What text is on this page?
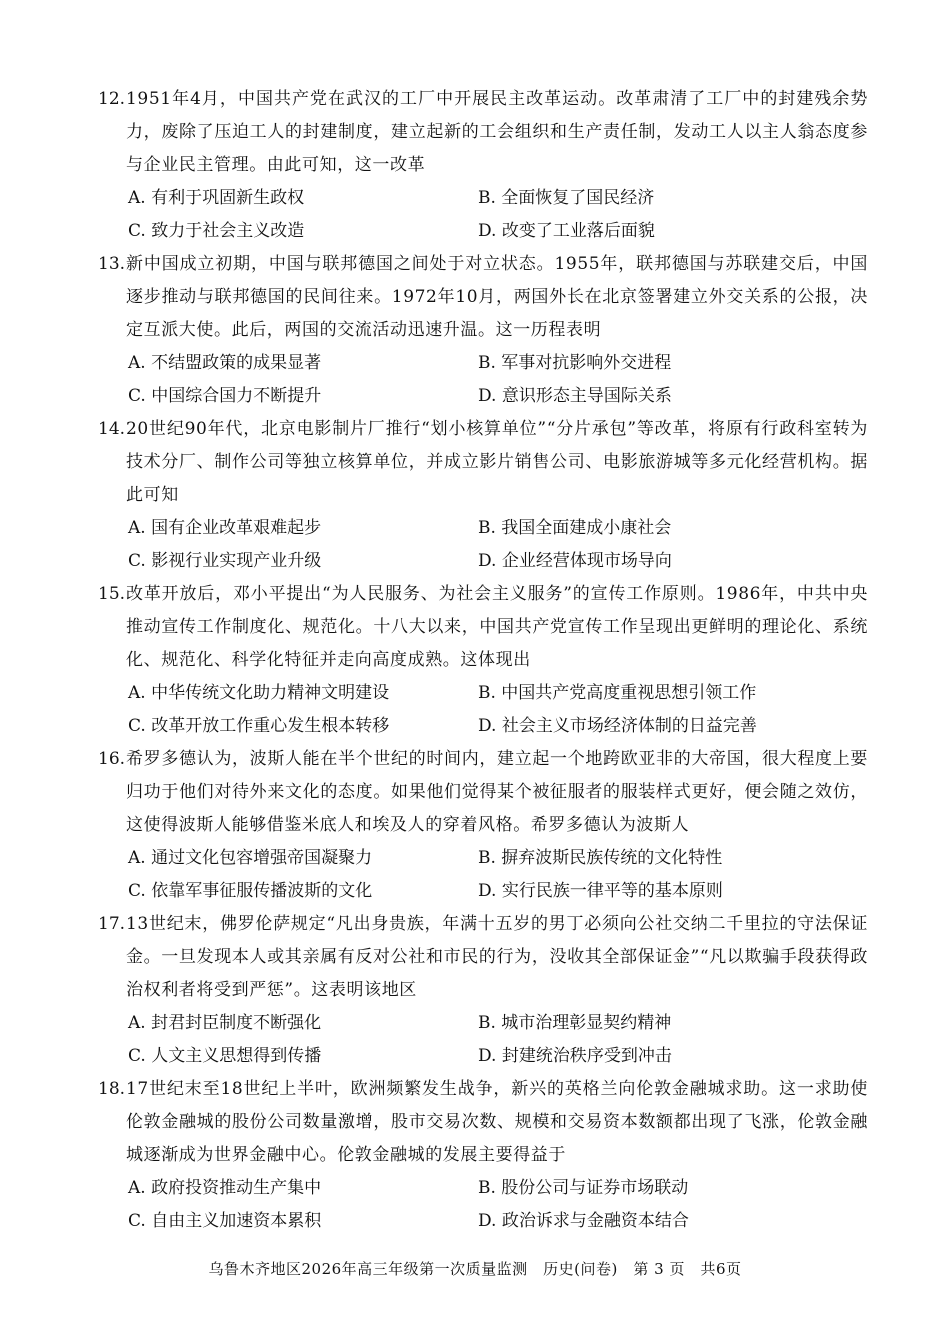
12. 1951年4月，中国共产党在武汉的工厂中开展民主改革运动。改革肃清了工厂中的封建残余势力，废除了压迫工人的封建制度，建立起新的工会组织和生产责任制，发动工人以主人翁态度参与企业民主管理。由此可知，这一改革
A. 有利于巩固新生政权	B. 全面恢复了国民经济
C. 致力于社会主义改造	D. 改变了工业落后面貌
13. 新中国成立初期，中国与联邦德国之间处于对立状态。1955年，联邦德国与苏联建交后，中国逐步推动与联邦德国的民间往来。1972年10月，两国外长在北京签署建立外交关系的公报，决定互派大使。此后，两国的交流活动迅速升温。这一历程表明
A. 不结盟政策的成果显著	B. 军事对抗影响外交进程
C. 中国综合国力不断提升	D. 意识形态主导国际关系
14. 20世纪90年代，北京电影制片厂推行“划小核算单位”“分片承包”等改革，将原有行政科室转为技术分厂、制作公司等独立核算单位，并成立影片销售公司、电影旅游城等多元化经营机构。据此可知
A. 国有企业改革艰难起步	B. 我国全面建成小康社会
C. 影视行业实现产业升级	D. 企业经营体现市场导向
15. 改革开放后，邓小平提出“为人民服务、为社会主义服务”的宣传工作原则。1986年，中共中央推动宣传工作制度化、规范化。十八大以来，中国共产党宣传工作呈现出更鲜明的理论化、系统化、规范化、科学化特征并走向高度成熟。这体现出
A. 中华传统文化助力精神文明建设	B. 中国共产党高度重视思想引领工作
C. 改革开放工作重心发生根本转移	D. 社会主义市场经济体制的日益完善
16. 希罗多德认为，波斯人能在半个世纪的时间内，建立起一个地跨欧亚非的大帝国，很大程度上要归功于他们对待外来文化的态度。如果他们觉得某个被征服者的服装样式更好，便会随之效仿，这使得波斯人能够借鉴米底人和埃及人的穿着风格。希罗多德认为波斯人
A. 通过文化包容增强帝国凝聚力	B. 摒弃波斯民族传统的文化特性
C. 依靠军事征服传播波斯的文化	D. 实行民族一律平等的基本原则
17. 13世纪末，佛罗伦萨规定“凡出身贵族，年满十五岁的男丁必须向公社交纳二千里拉的守法保证金。一旦发现本人或其亲属有反对公社和市民的行为，没收其全部保证金”“凡以欺骗手段获得政治权利者将受到严惩”。这表明该地区
A. 封君封臣制度不断强化	B. 城市治理彰显契约精神
C. 人文主义思想得到传播	D. 封建统治秩序受到冲击
18. 17世纪末至18世纪上半叶，欧洲频繁发生战争，新兴的英格兰向伦敦金融城求助。这一求助使伦敦金融城的股份公司数量激增，股市交易次数、规模和交易资本数额都出现了飞涨，伦敦金融城逐渐成为世界金融中心。伦敦金融城的发展主要得益于
A. 政府投资推动生产集中	B. 股份公司与证券市场联动
C. 自由主义加速资本累积	D. 政治诉求与金融资本结合
乌鲁木齐地区2026年高三年级第一次质量监测　历史(问卷)　第 3 页　共6页
